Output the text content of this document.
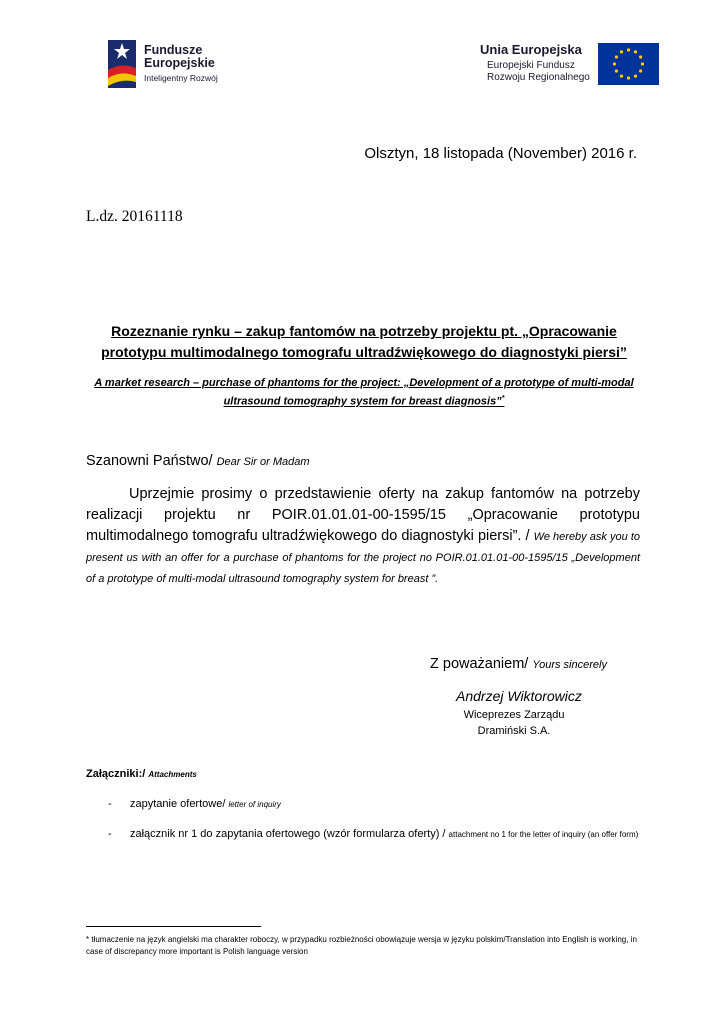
Fundusze
Europejskie
Inteligentny Rozwój
Unia Europejska
Europejski Fundusz
Rozwoju Regionalnego
Olsztyn, 18 listopada (November) 2016 r.
L.dz. 20161118
Rozeznanie rynku – zakup fantomów na potrzeby projektu pt. „Opracowanie prototypu multimodalnego tomografu ultradźwiękowego do diagnostyki piersi”
A market research – purchase of phantoms for the project: „Development of a prototype of multi-modal ultrasound tomography system for breast diagnosis”*
Szanowni Państwo/ Dear Sir or Madam
Uprzejmie prosimy o przedstawienie oferty na zakup fantomów na potrzeby realizacji projektu nr POIR.01.01.01-00-1595/15 „Opracowanie prototypu multimodalnego tomografu ultradźwiękowego do diagnostyki piersi”. / We hereby ask you to present us with an offer for a purchase of phantoms for the project no POIR.01.01.01-00-1595/15 „Development of a prototype of multi-modal ultrasound tomography system for breast ”.
Z poważaniem/ Yours sincerely
Andrzej Wiktorowicz
Wiceprezes Zarządu
Dramiński S.A.
Załączniki:/ Attachments
- zapytanie ofertowe/ letter of inquiry
- załącznik nr 1 do zapytania ofertowego (wzór formularza oferty) / attachment no 1 for the letter of inquiry (an offer form)
* tłumaczenie na język angielski ma charakter roboczy, w przypadku rozbieżności obowiązuje wersja w języku polskim/Translation into English is working, in case of discrepancy more important is Polish language version
